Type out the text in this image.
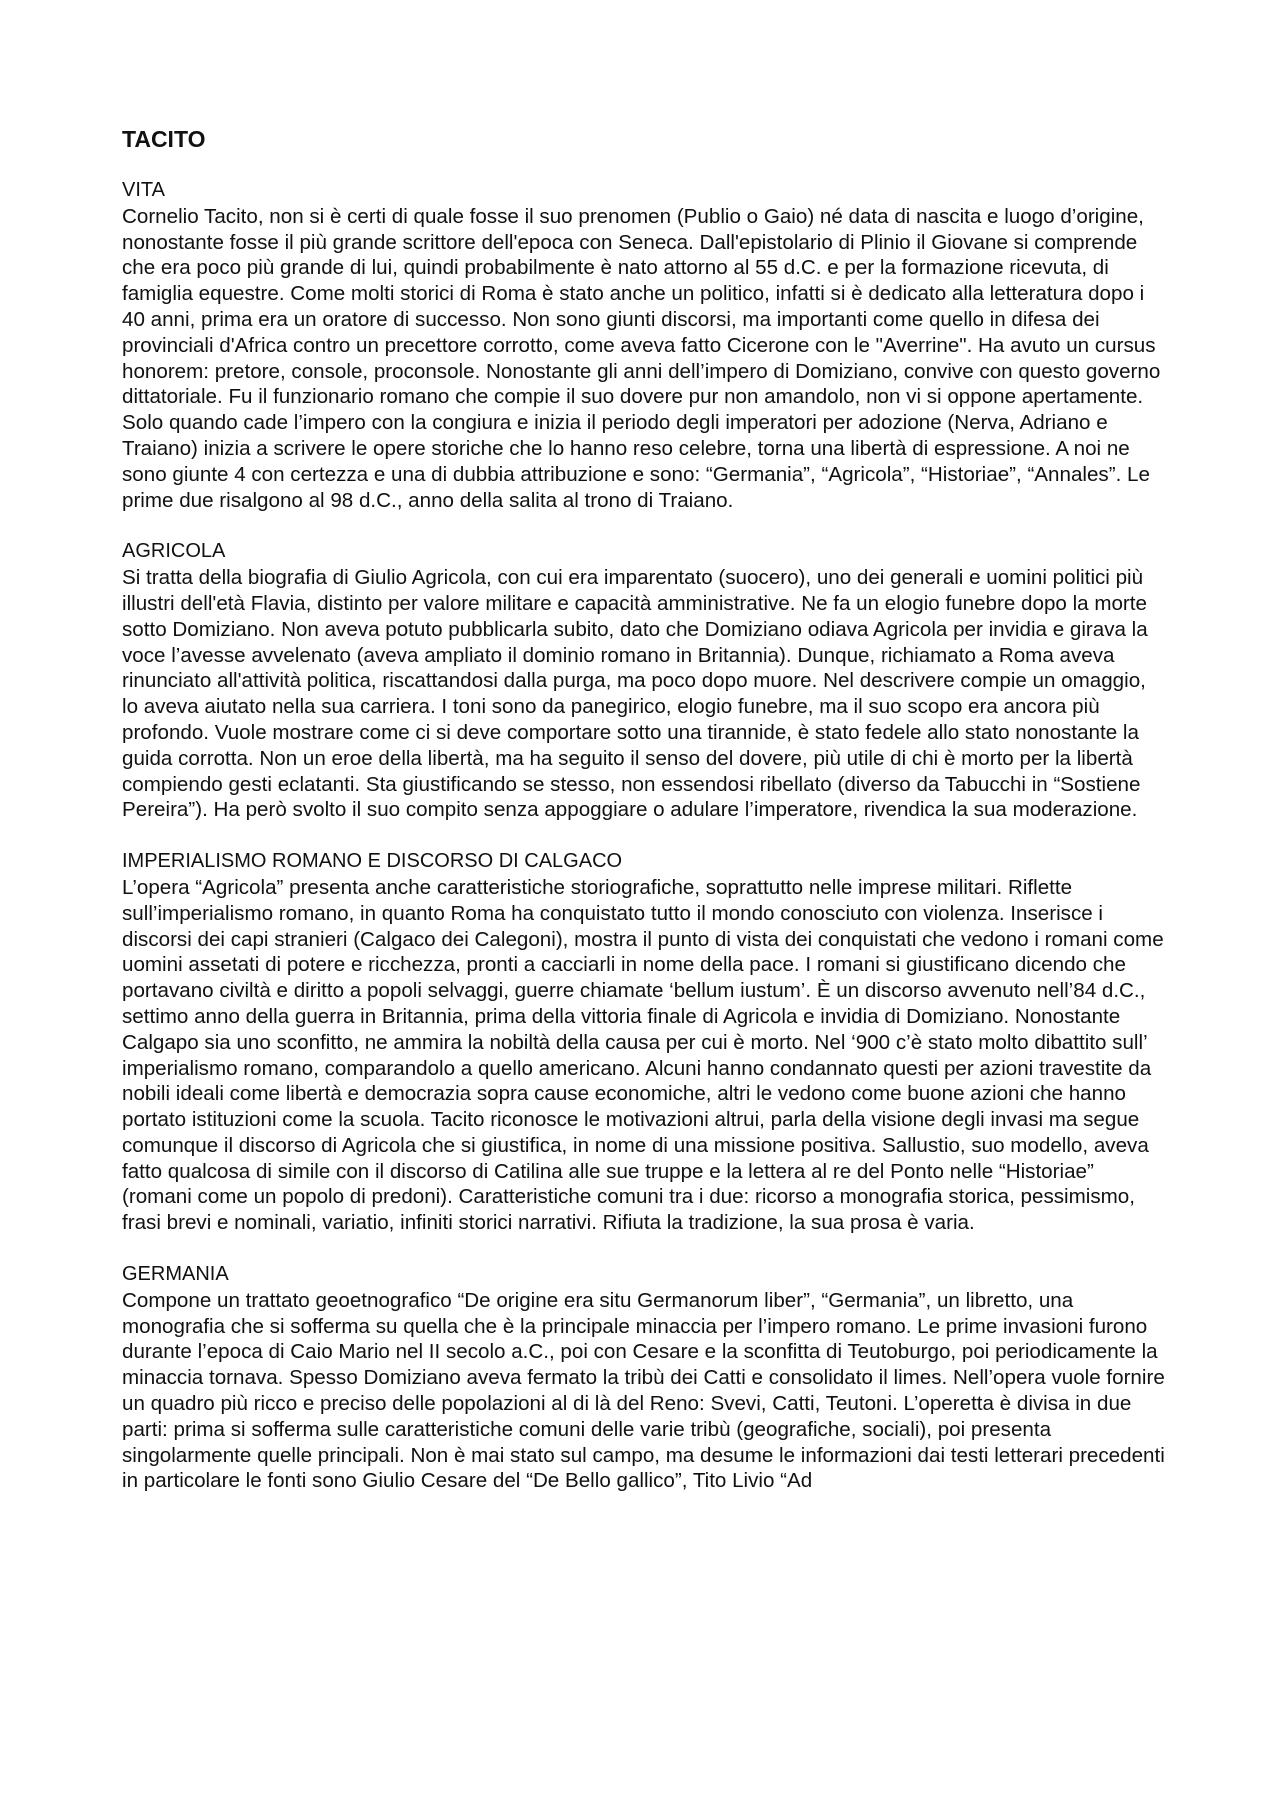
TACITO
VITA

Cornelio Tacito, non si è certi di quale fosse il suo prenomen (Publio o Gaio) né data di nascita e luogo d’origine, nonostante fosse il più grande scrittore dell'epoca con Seneca. Dall'epistolario di Plinio il Giovane si comprende che era poco più grande di lui, quindi probabilmente è nato attorno al 55 d.C. e per la formazione ricevuta, di famiglia equestre. Come molti storici di Roma è stato anche un politico, infatti si è dedicato alla letteratura dopo i 40 anni, prima era un oratore di successo. Non sono giunti discorsi, ma importanti come quello in difesa dei provinciali d'Africa contro un precettore corrotto, come aveva fatto Cicerone con le "Averrine". Ha avuto un cursus honorem: pretore, console, proconsole. Nonostante gli anni dell’impero di Domiziano, convive con questo governo dittatoriale. Fu il funzionario romano che compie il suo dovere pur non amandolo, non vi si oppone apertamente. Solo quando cade l’impero con la congiura e inizia il periodo degli imperatori per adozione (Nerva, Adriano e Traiano) inizia a scrivere le opere storiche che lo hanno reso celebre, torna una libertà di espressione. A noi ne sono giunte 4 con certezza e una di dubbia attribuzione e sono: “Germania”, “Agricola”, “Historiae”, “Annales”. Le prime due risalgono al 98 d.C., anno della salita al trono di Traiano.

AGRICOLA

Si tratta della biografia di Giulio Agricola, con cui era imparentato (suocero), uno dei generali e uomini politici più illustri dell'età Flavia, distinto per valore militare e capacità amministrative. Ne fa un elogio funebre dopo la morte sotto Domiziano. Non aveva potuto pubblicarla subito, dato che Domiziano odiava Agricola per invidia e girava la voce l’avesse avvelenato (aveva ampliato il dominio romano in Britannia). Dunque, richiamato a Roma aveva rinunciato all'attività politica, riscattandosi dalla purga, ma poco dopo muore. Nel descrivere compie un omaggio, lo aveva aiutato nella sua carriera. I toni sono da panegirico, elogio funebre, ma il suo scopo era ancora più profondo. Vuole mostrare come ci si deve comportare sotto una tirannide, è stato fedele allo stato nonostante la guida corrotta. Non un eroe della libertà, ma ha seguito il senso del dovere, più utile di chi è morto per la libertà compiendo gesti eclatanti. Sta giustificando se stesso, non essendosi ribellato (diverso da Tabucchi in “Sostiene Pereira”). Ha però svolto il suo compito senza appoggiare o adulare l’imperatore, rivendica la sua moderazione.

IMPERIALISMO ROMANO E DISCORSO DI CALGACO

L’opera “Agricola” presenta anche caratteristiche storiografiche, soprattutto nelle imprese militari. Riflette sull’imperialismo romano, in quanto Roma ha conquistato tutto il mondo conosciuto con violenza. Inserisce i discorsi dei capi stranieri (Calgaco dei Calegoni), mostra il punto di vista dei conquistati che vedono i romani come uomini assetati di potere e ricchezza, pronti a cacciarli in nome della pace. I romani si giustificano dicendo che portavano civiltà e diritto a popoli selvaggi, guerre chiamate ‘bellum iustum’. È un discorso avvenuto nell’84 d.C., settimo anno della guerra in Britannia, prima della vittoria finale di Agricola e invidia di Domiziano. Nonostante Calgapo sia uno sconfitto, ne ammira la nobiltà della causa per cui è morto. Nel ‘900 c’è stato molto dibattito sull’ imperialismo romano, comparandolo a quello americano. Alcuni hanno condannato questi per azioni travestite da nobili ideali come libertà e democrazia sopra cause economiche, altri le vedono come buone azioni che hanno portato istituzioni come la scuola. Tacito riconosce le motivazioni altrui, parla della visione degli invasi ma segue comunque il discorso di Agricola che si giustifica, in nome di una missione positiva. Sallustio, suo modello, aveva fatto qualcosa di simile con il discorso di Catilina alle sue truppe e la lettera al re del Ponto nelle “Historiae” (romani come un popolo di predoni). Caratteristiche comuni tra i due: ricorso a monografia storica, pessimismo, frasi brevi e nominali, variatio, infiniti storici narrativi. Rifiuta la tradizione, la sua prosa è varia.

GERMANIA

Compone un trattato geoetnografico “De origine era situ Germanorum liber”, “Germania”, un libretto, una monografia che si sofferma su quella che è la principale minaccia per l’impero romano. Le prime invasioni furono durante l’epoca di Caio Mario nel II secolo a.C., poi con Cesare e la sconfitta di Teutoburgo, poi periodicamente la minaccia tornava. Spesso Domiziano aveva fermato la tribù dei Catti e consolidato il limes. Nell’opera vuole fornire un quadro più ricco e preciso delle popolazioni al di là del Reno: Svevi, Catti, Teutoni. L’operetta è divisa in due parti: prima si sofferma sulle caratteristiche comuni delle varie tribù (geografiche, sociali), poi presenta singolarmente quelle principali. Non è mai stato sul campo, ma desume le informazioni dai testi letterari precedenti in particolare le fonti sono Giulio Cesare del “De Bello gallico”, Tito Livio “Ad
